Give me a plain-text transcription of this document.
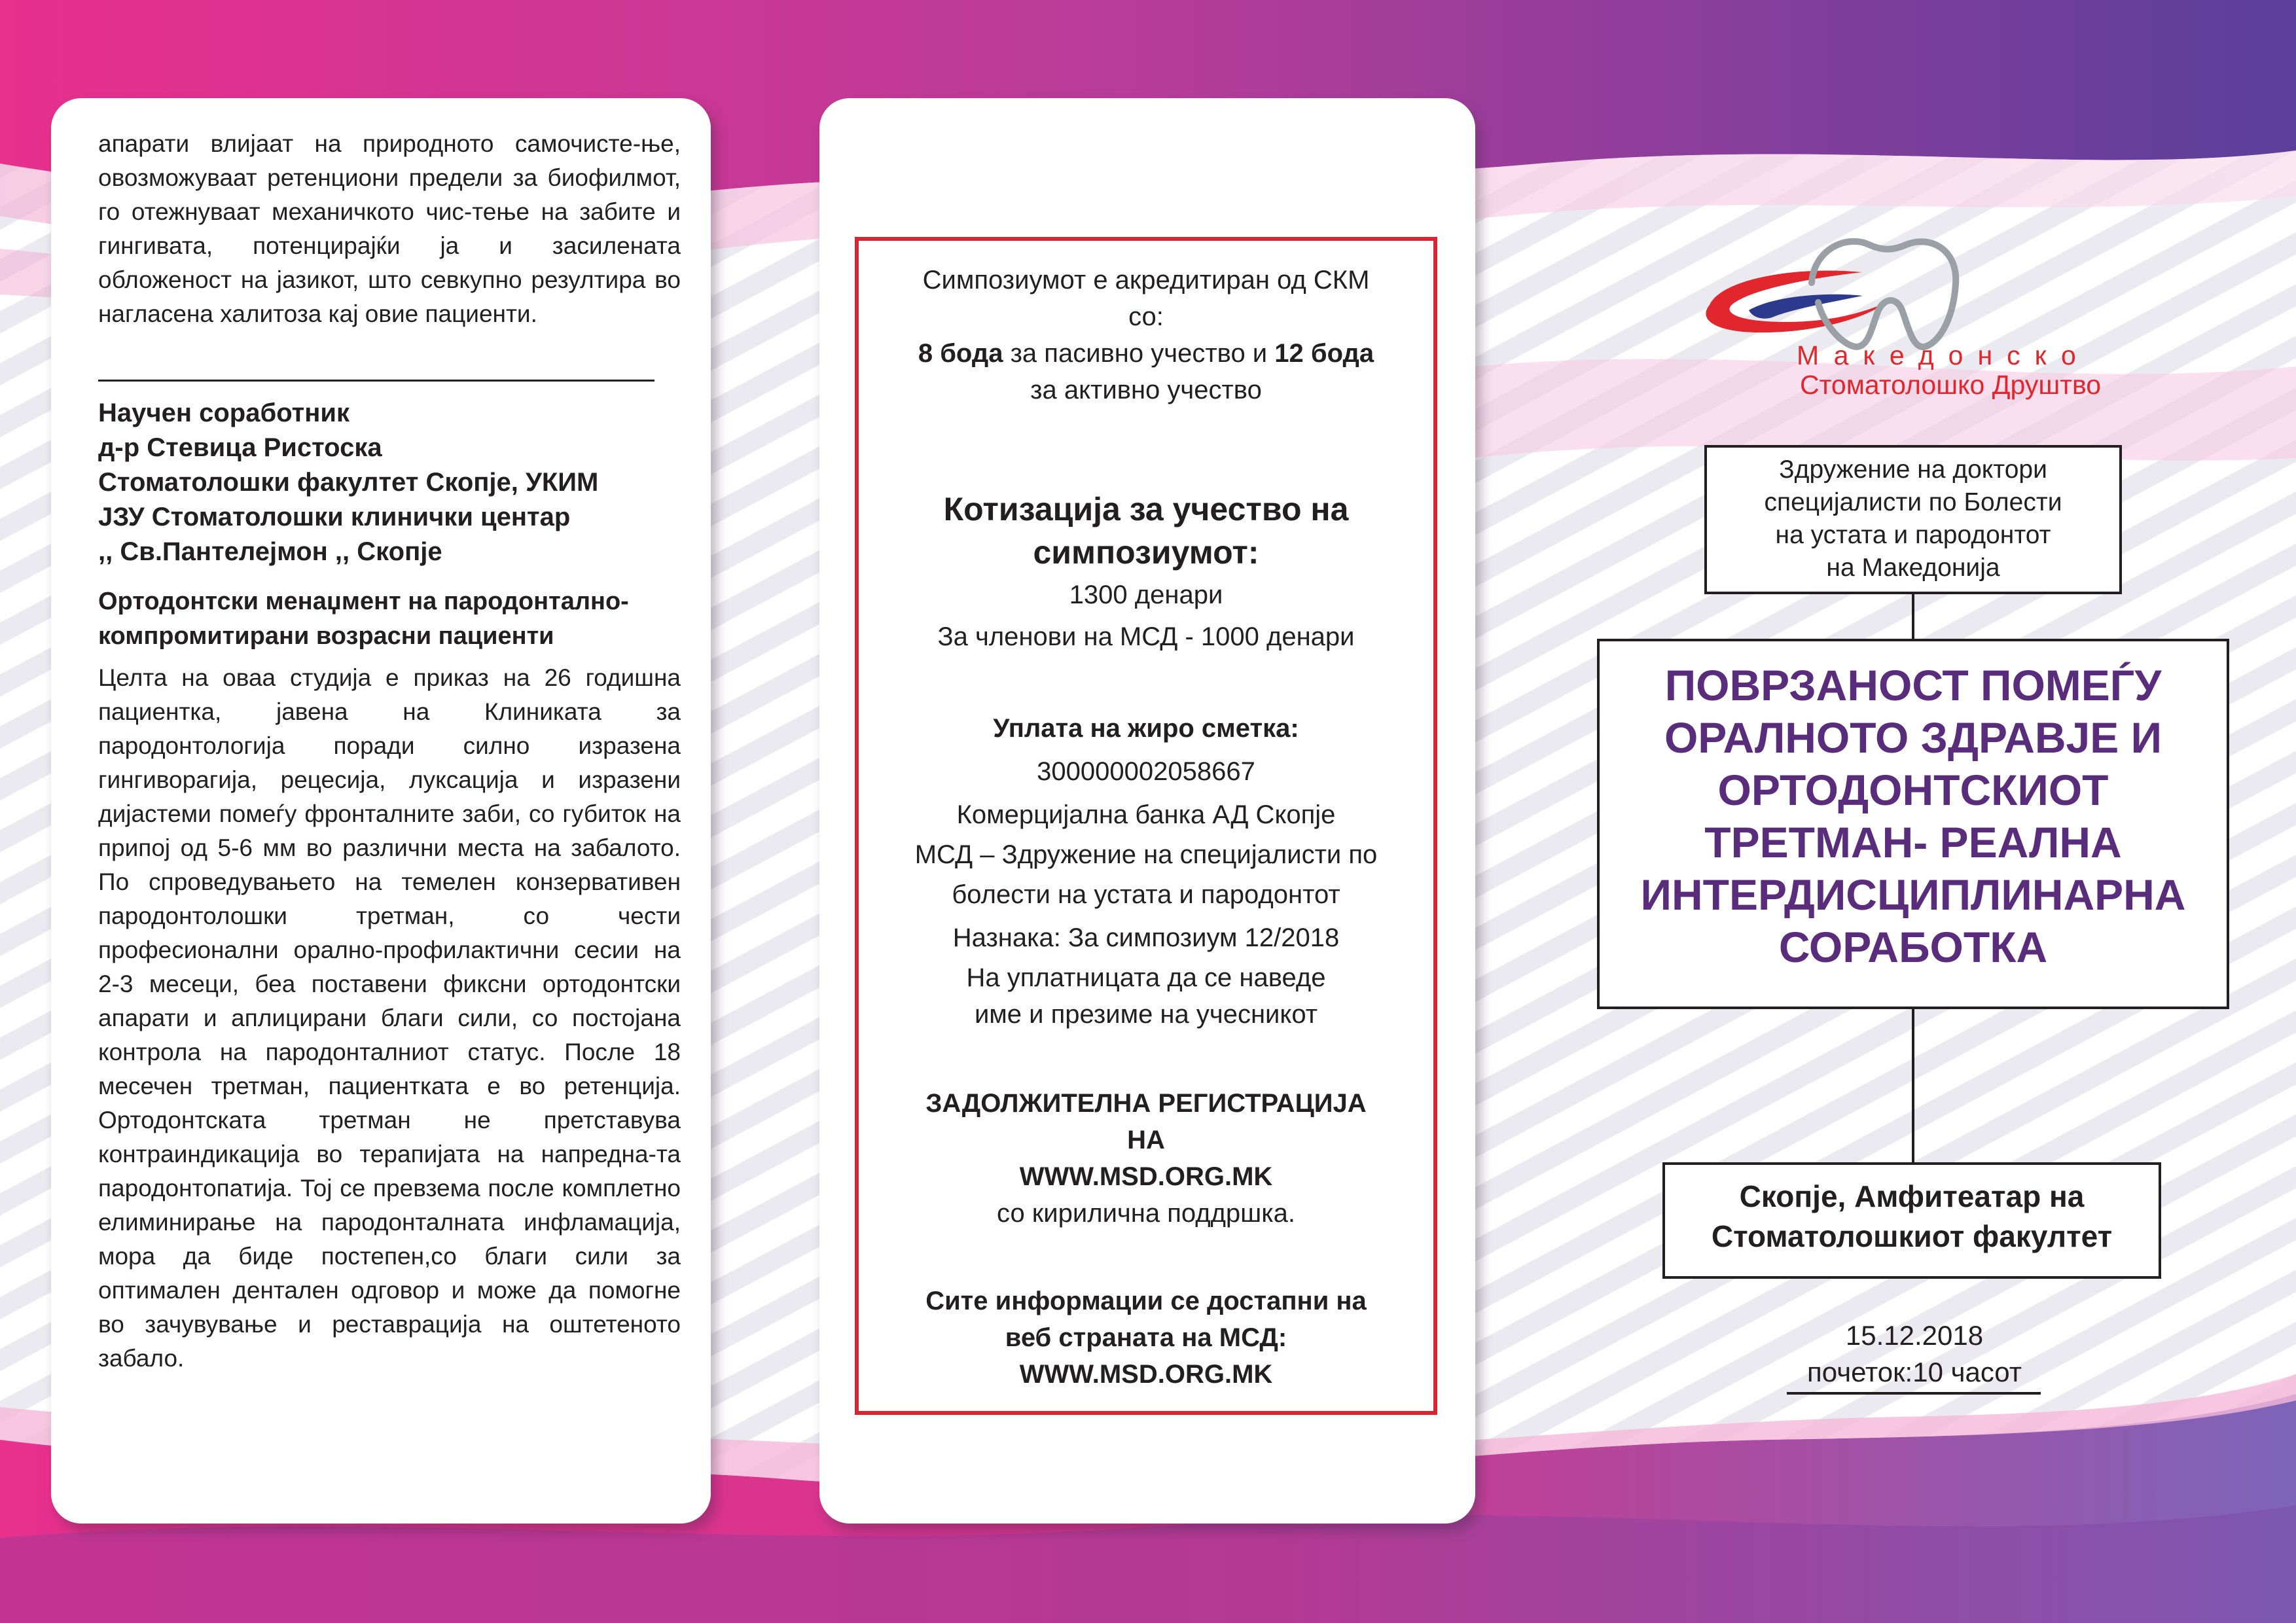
апарати влијаат на природното самочисте-ње, овозможуваат ретенциони предели за биофилмот, го отежнуваат механичкото чис-тење на забите и гингивата, потенцирајќи ја и засилената обложеност на јазикот, што севкупно резултира во нагласена халитоза кај овие пациенти.

Научен соработник
д-р Стевица Ристоска
Стоматолошки факултет Скопје, УКИМ
ЈЗУ Стоматолошки клинички центар
,, Св.Пантелејмон ,, Скопје
Ортодонтски менаџмент на пародонтално-
компромитирани возрасни пациенти

Целта на оваа студија е приказ на 26 годишна пациентка, јавена на Клиниката за пародонтологија поради силно изразена гингиворагија, рецесија, луксација и изразени дијастеми помеѓу фронталните заби, со губиток на припој од 5-6 мм во различни места на забалото. По спроведувањето на темелен конзервативен пародонтолошки третман, со чести професионални орално-профилактични сесии на 2-3 месеци, беа поставени фиксни ортодонтски апарати и аплицирани благи сили, со постојана контрола на пародонталниот статус. После 18 месечен третман, пациентката е во ретенција. Ортодонтската третман не претставува контраиндикација во терапијата на напредна-та пародонтопатија. Тој се превзема после комплетно елиминирање на пародонталната инфламација, мора да биде постепен,со благи сили за оптимален дентален одговор и може да помогне во зачувување и реставрација на оштетеното забало.

Симпозиумот е акредитиран од СКМ
со:
8 бода за пасивно учество и 12 бода
за активно учество
Котизација за учество на
симпозиумот:
1300 денари
За членови на МСД - 1000 денари
Уплата на жиро сметка:
300000002058667
Комерцијална банка АД Скопје
МСД – Здружение на специјалисти по
болести на устата и пародонтот
Назнака: За симпозиум 12/2018
На уплатницата да се наведе
име и презиме на учесникот
ЗАДОЛЖИТЕЛНА РЕГИСТРАЦИЈА
НА
WWW.MSD.ORG.MK
со кирилична поддршка.
Сите информации се достапни на
веб страната на МСД:
WWW.MSD.ORG.MK
Македонско
Стоматолошко Друштво
Здружение на доктори
специјалисти по Болести
на устата и пародонтот
на Македонија
ПОВРЗАНОСТ ПОМЕЃУ
ОРАЛНОТО ЗДРАВЈЕ И
ОРТОДОНТСКИОТ
ТРЕТМАН- РЕАЛНА
ИНТЕРДИСЦИПЛИНАРНА
СОРАБОТКА
Скопје, Амфитеатар на
Стоматолошкиот факултет
15.12.2018
почеток:10 часот
